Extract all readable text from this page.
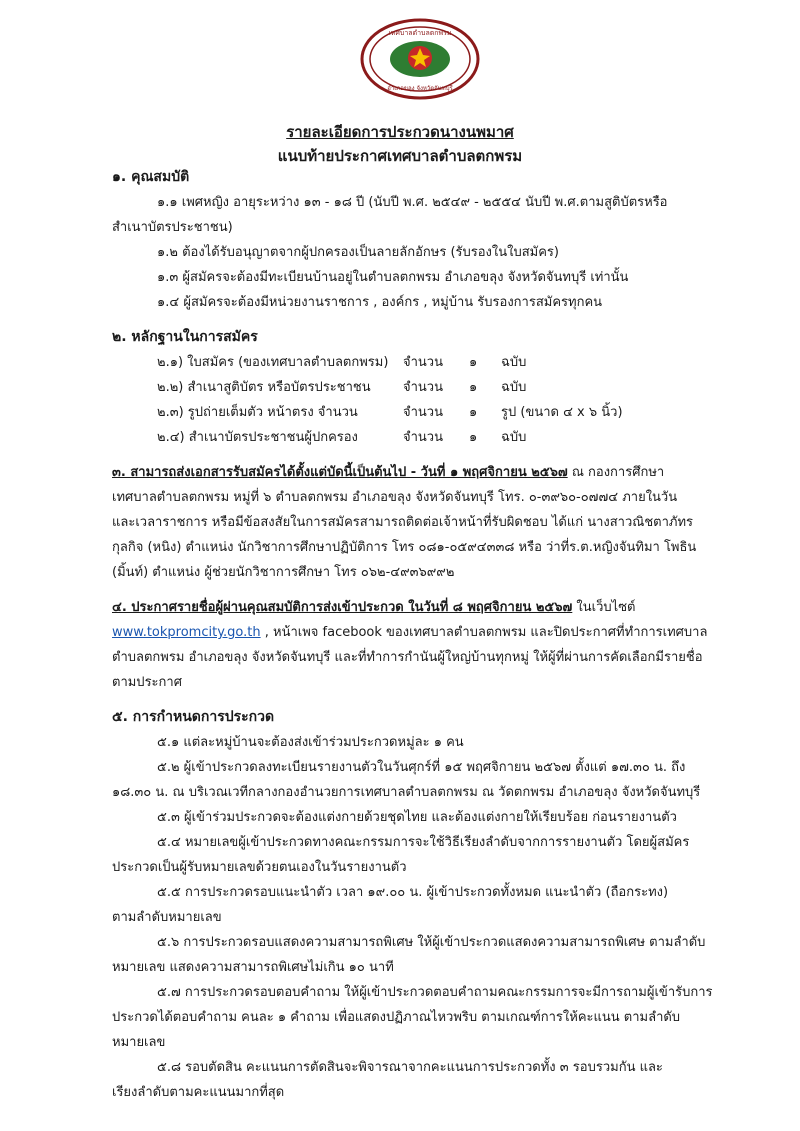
เทศบาลตำบลตกพรม
อำเภอขลุง จังหวัดจันทบุรี
รายละเอียดการประกวดนางนพมาศ
แนบท้ายประกาศเทศบาลตำบลตกพรม

๑. คุณสมบัติ

๑.๑ เพศหญิง อายุระหว่าง ๑๓ - ๑๘ ปี (นับปี พ.ศ. ๒๕๔๙ - ๒๕๕๔ นับปี พ.ศ.ตามสูติบัตรหรือ

สำเนาบัตรประชาชน)

๑.๒ ต้องได้รับอนุญาตจากผู้ปกครองเป็นลายลักอักษร (รับรองในใบสมัคร)

๑.๓ ผู้สมัครจะต้องมีทะเบียนบ้านอยู่ในตำบลตกพรม อำเภอขลุง จังหวัดจันทบุรี เท่านั้น

๑.๔ ผู้สมัครจะต้องมีหน่วยงานราชการ , องค์กร , หมู่บ้าน รับรองการสมัครทุกคน

๒. หลักฐานในการสมัคร

๒.๑) ใบสมัคร (ของเทศบาลตำบลตกพรม)	จำนวน	๑	ฉบับ
๒.๒) สำเนาสูติบัตร หรือบัตรประชาชน	จำนวน	๑	ฉบับ
๒.๓) รูปถ่ายเต็มตัว หน้าตรง จำนวน	จำนวน	๑	รูป (ขนาด ๔ x ๖ นิ้ว)
๒.๔) สำเนาบัตรประชาชนผู้ปกครอง	จำนวน	๑	ฉบับ

๓. สามารถส่งเอกสารรับสมัครได้ตั้งแต่บัดนี้เป็นต้นไป - วันที่ ๑ พฤศจิกายน ๒๕๖๗ ณ กองการศึกษา

เทศบาลตำบลตกพรม หมู่ที่ ๖ ตำบลตกพรม อำเภอขลุง จังหวัดจันทบุรี โทร. ๐-๓๙๖๐-๐๗๗๔ ภายในวัน

และเวลาราชการ หรือมีข้อสงสัยในการสมัครสามารถติดต่อเจ้าหน้าที่รับผิดชอบ ได้แก่ นางสาวณิชตาภัทร

กุลกิจ (หนิง) ตำแหน่ง นักวิชาการศึกษาปฏิบัติการ โทร ๐๘๑-๐๕๙๔๓๓๘ หรือ ว่าที่ร.ต.หญิงจันทิมา โพธิน

(มิ้นท์) ตำแหน่ง ผู้ช่วยนักวิชาการศึกษา โทร ๐๖๒-๔๙๓๖๙๙๒

๔. ประกาศรายชื่อผู้ผ่านคุณสมบัติการส่งเข้าประกวด ในวันที่ ๘ พฤศจิกายน ๒๕๖๗ ในเว็บไซต์

www.tokpromcity.go.th , หน้าเพจ facebook ของเทศบาลตำบลตกพรม และปิดประกาศที่ทำการเทศบาล

ตำบลตกพรม อำเภอขลุง จังหวัดจันทบุรี และที่ทำการกำนันผู้ใหญ่บ้านทุกหมู่ ให้ผู้ที่ผ่านการคัดเลือกมีรายชื่อ

ตามประกาศ

๕. การกำหนดการประกวด

๕.๑ แต่ละหมู่บ้านจะต้องส่งเข้าร่วมประกวดหมู่ละ ๑ คน

๕.๒ ผู้เข้าประกวดลงทะเบียนรายงานตัวในวันศุกร์ที่ ๑๕ พฤศจิกายน ๒๕๖๗ ตั้งแต่ ๑๗.๓๐ น. ถึง

๑๘.๓๐ น. ณ บริเวณเวทีกลางกองอำนวยการเทศบาลตำบลตกพรม ณ วัดตกพรม อำเภอขลุง จังหวัดจันทบุรี

๕.๓ ผู้เข้าร่วมประกวดจะต้องแต่งกายด้วยชุดไทย และต้องแต่งกายให้เรียบร้อย ก่อนรายงานตัว

๕.๔ หมายเลขผู้เข้าประกวดทางคณะกรรมการจะใช้วิธีเรียงลำดับจากการรายงานตัว โดยผู้สมัคร

ประกวดเป็นผู้รับหมายเลขด้วยตนเองในวันรายงานตัว

๕.๕ การประกวดรอบแนะนำตัว เวลา ๑๙.๐๐ น. ผู้เข้าประกวดทั้งหมด แนะนำตัว (ถือกระทง)

ตามลำดับหมายเลข

๕.๖ การประกวดรอบแสดงความสามารถพิเศษ ให้ผู้เข้าประกวดแสดงความสามารถพิเศษ ตามลำดับ

หมายเลข แสดงความสามารถพิเศษไม่เกิน ๑๐ นาที

๕.๗ การประกวดรอบตอบคำถาม ให้ผู้เข้าประกวดตอบคำถามคณะกรรมการจะมีการถามผู้เข้ารับการ

ประกวดได้ตอบคำถาม คนละ ๑ คำถาม เพื่อแสดงปฏิภาณไหวพริบ ตามเกณฑ์การให้คะแนน ตามลำดับ

หมายเลข

๕.๘ รอบตัดสิน คะแนนการตัดสินจะพิจารณาจากคะแนนการประกวดทั้ง ๓ รอบรวมกัน และ

เรียงลำดับตามคะแนนมากที่สุด
